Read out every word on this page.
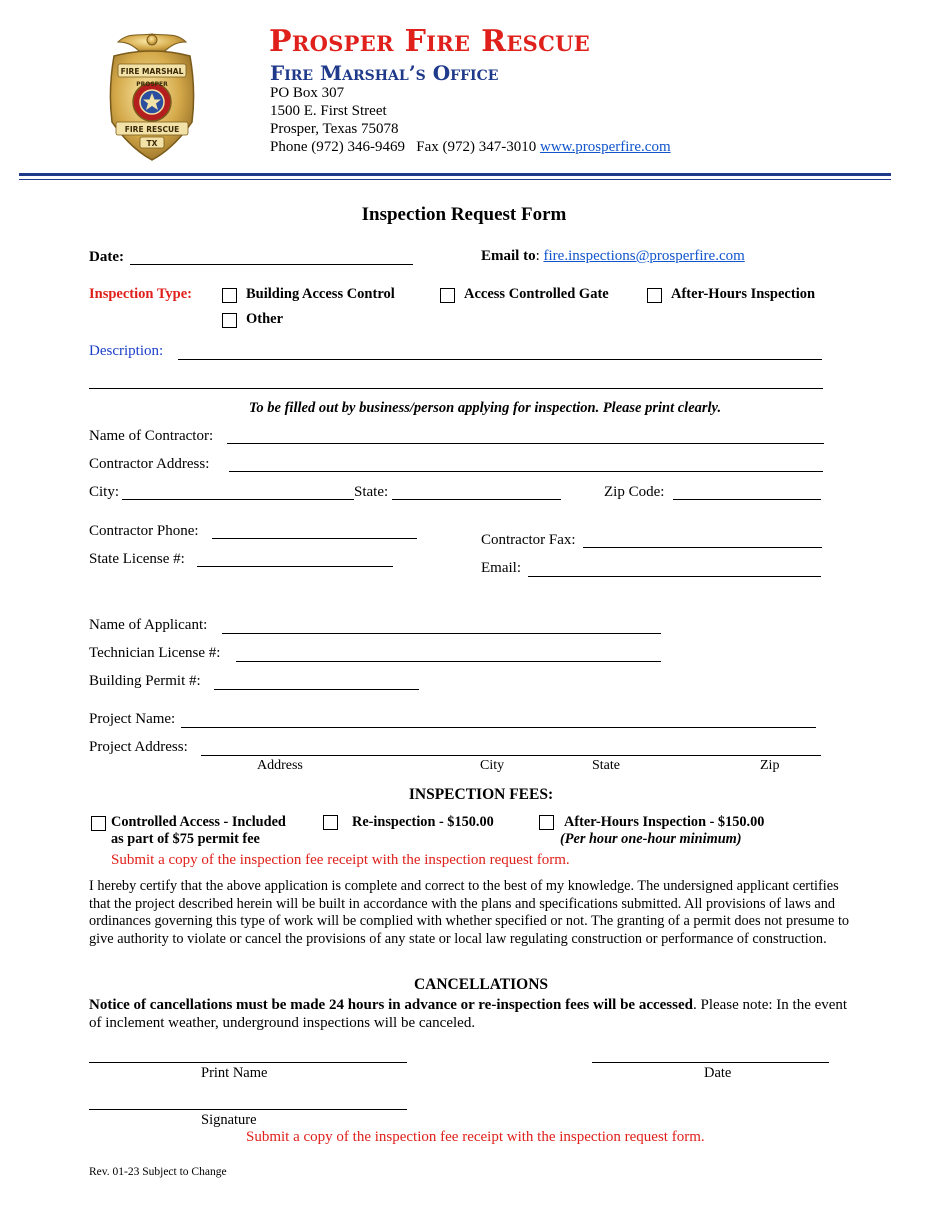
FIRE MARSHAL
PROSPER
FIRE RESCUE
TX
Prosper Fire Rescue
Fire Marshal’s Office
PO Box 307
1500 E. First Street
Prosper, Texas 75078
Phone (972) 346-9469   Fax (972) 347-3010 www.prosperfire.com
Inspection Request Form
Date:	Email to: fire.inspections@prosperfire.com
Inspection Type:	Building Access Control	Access Controlled Gate	After-Hours Inspection
Other
Description:
To be filled out by business/person applying for inspection. Please print clearly.
Name of Contractor:
Contractor Address:
City:	State:	Zip Code:
Contractor Phone:
Contractor Fax:
State License #:
Email:
Name of Applicant:
Technician License #:
Building Permit #:
Project Name:
Project Address:
Address	City	State	Zip
INSPECTION FEES:
Controlled Access - Included
as part of $75 permit fee
Re-inspection - $150.00	After-Hours Inspection - $150.00
(Per hour one-hour minimum)
Submit a copy of the inspection fee receipt with the inspection request form.
I hereby certify that the above application is complete and correct to the best of my knowledge. The undersigned applicant certifies that the project described herein will be built in accordance with the plans and specifications submitted. All provisions of laws and ordinances governing this type of work will be complied with whether specified or not. The granting of a permit does not presume to give authority to violate or cancel the provisions of any state or local law regulating construction or performance of construction.
CANCELLATIONS
Notice of cancellations must be made 24 hours in advance or re-inspection fees will be accessed. Please note: In the event of inclement weather, underground inspections will be canceled.
Print Name	Date
Signature
Submit a copy of the inspection fee receipt with the inspection request form.
Rev. 01-23 Subject to Change
